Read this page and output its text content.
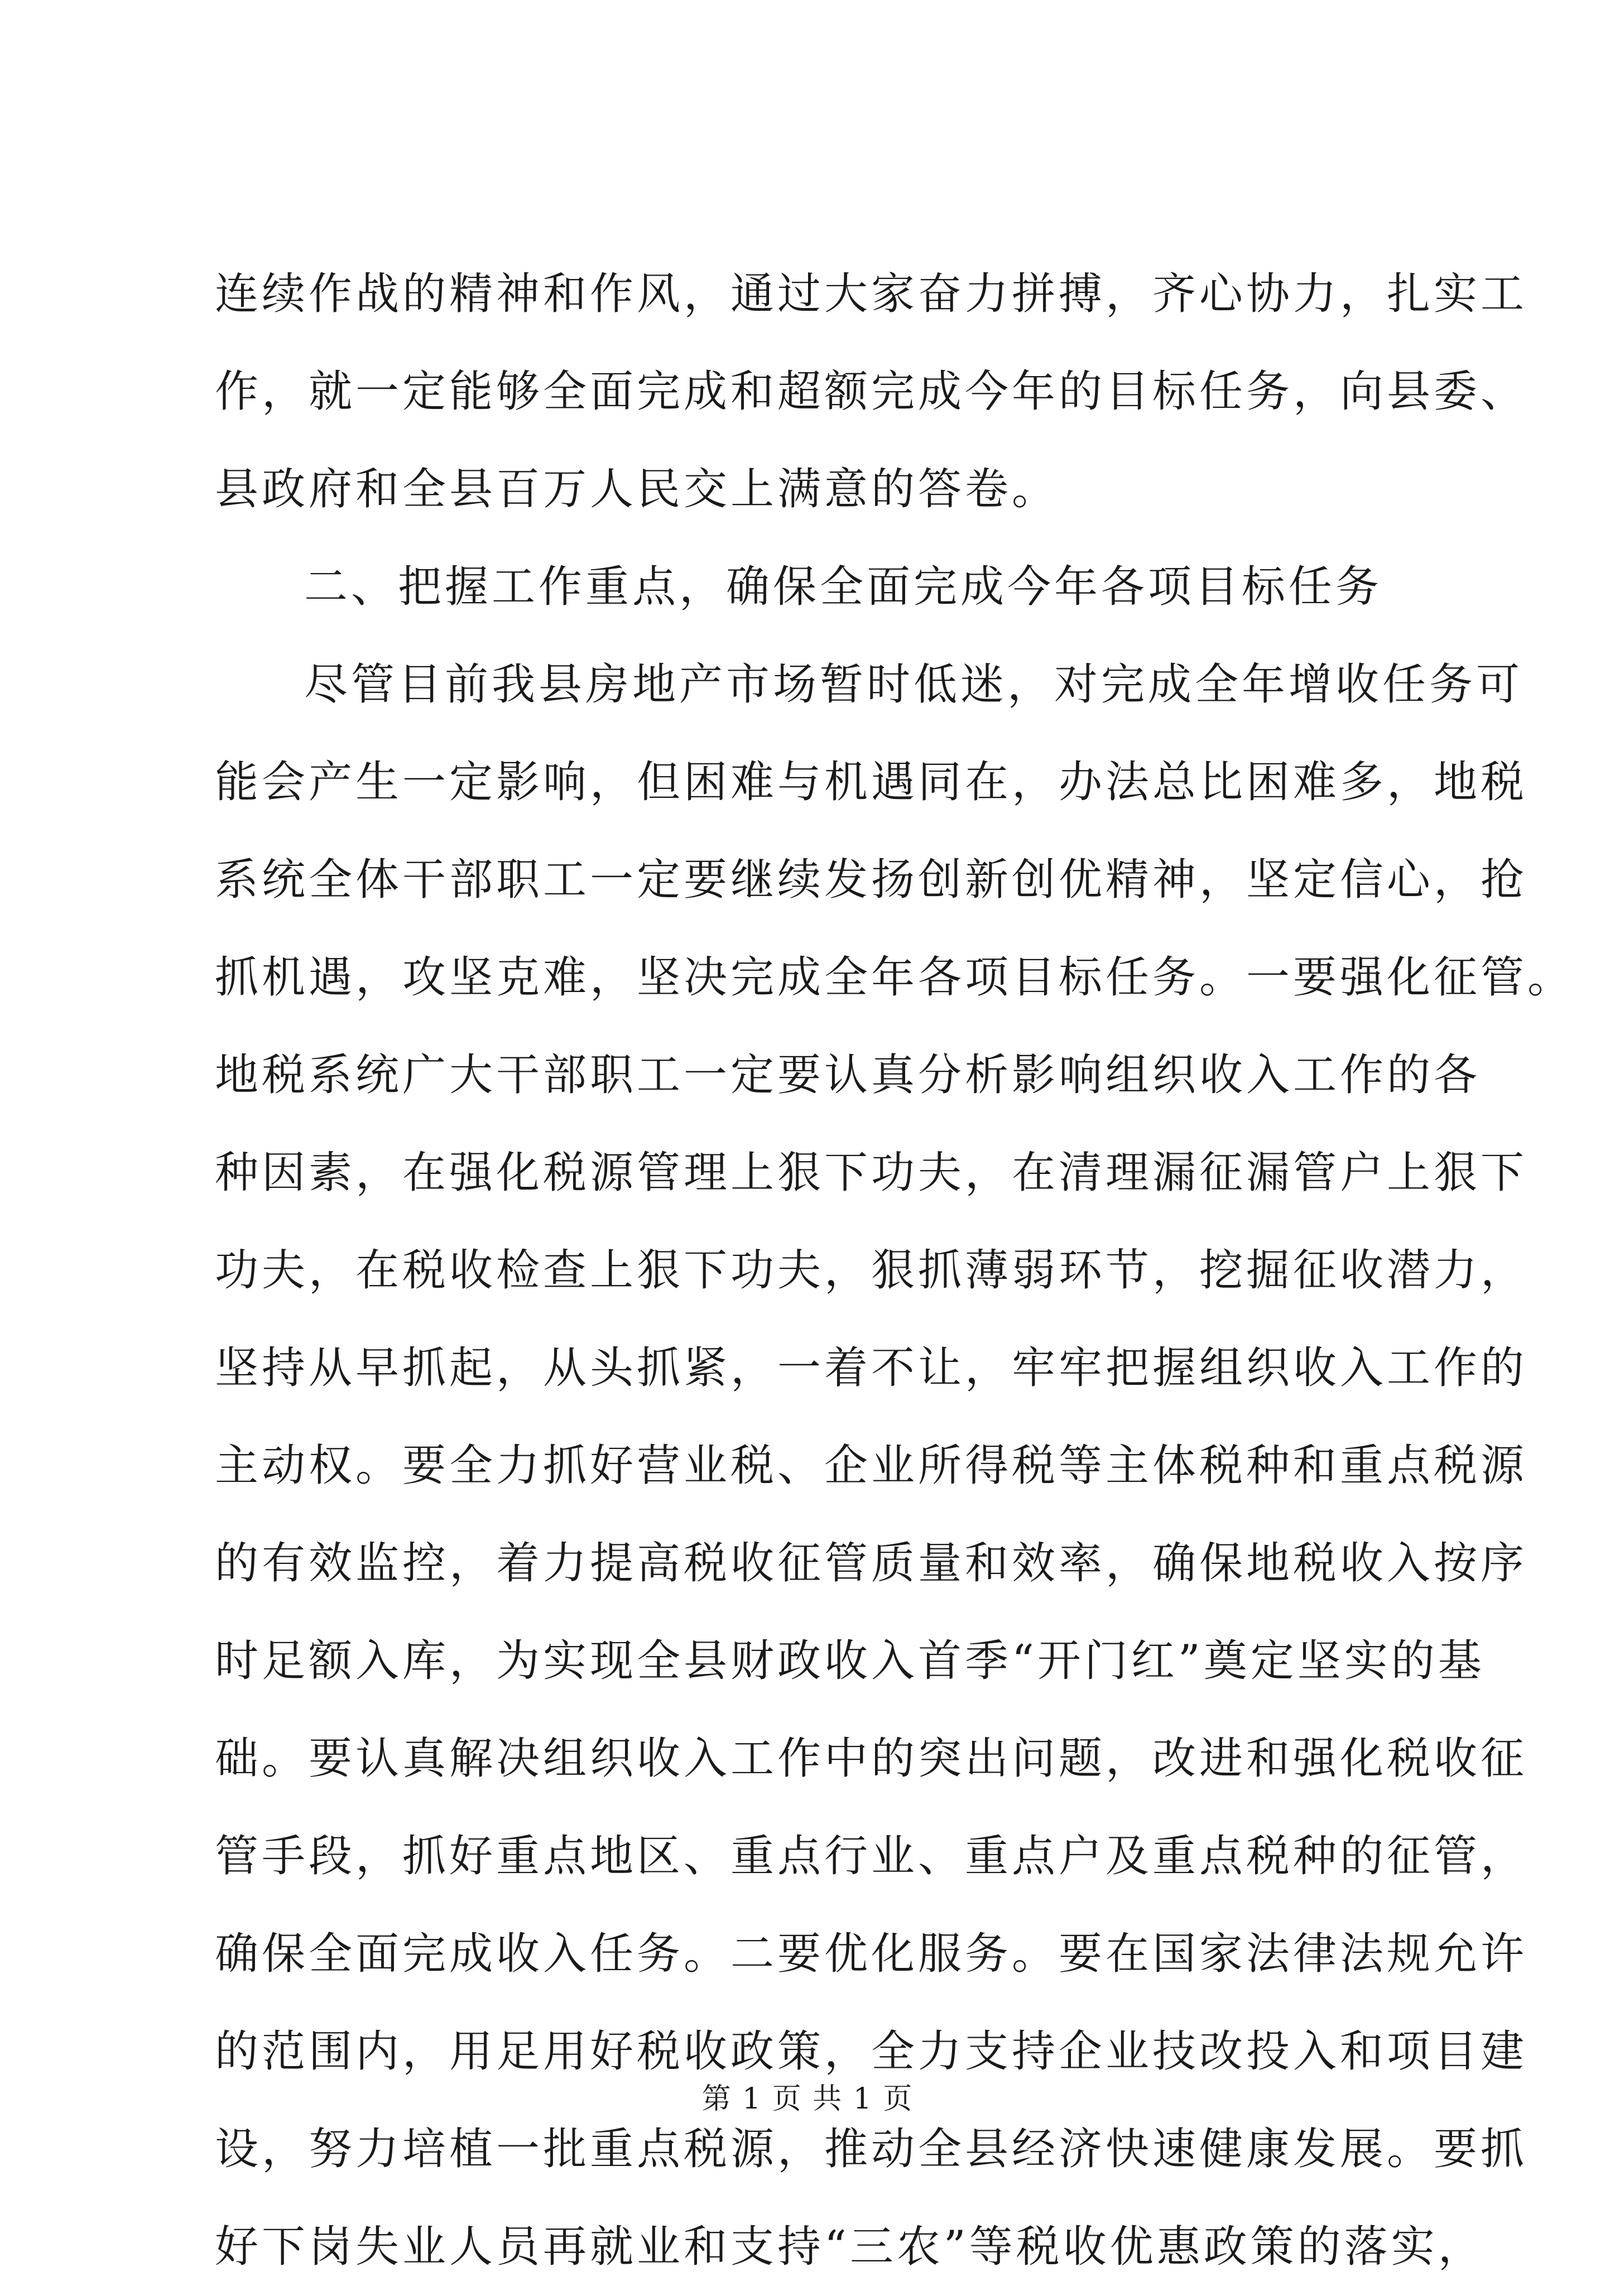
连续作战的精神和作风，通过大家奋力拼搏，齐心协力，扎实工
作，就一定能够全面完成和超额完成今年的目标任务，向县委、
县政府和全县百万人民交上满意的答卷。
二、把握工作重点，确保全面完成今年各项目标任务
尽管目前我县房地产市场暂时低迷，对完成全年增收任务可
能会产生一定影响，但困难与机遇同在，办法总比困难多，地税
系统全体干部职工一定要继续发扬创新创优精神，坚定信心，抢
抓机遇，攻坚克难，坚决完成全年各项目标任务。一要强化征管。
地税系统广大干部职工一定要认真分析影响组织收入工作的各
种因素，在强化税源管理上狠下功夫，在清理漏征漏管户上狠下
功夫，在税收检查上狠下功夫，狠抓薄弱环节，挖掘征收潜力，
坚持从早抓起，从头抓紧，一着不让，牢牢把握组织收入工作的
主动权。要全力抓好营业税、企业所得税等主体税种和重点税源
的有效监控，着力提高税收征管质量和效率，确保地税收入按序
时足额入库，为实现全县财政收入首季“开门红”奠定坚实的基
础。要认真解决组织收入工作中的突出问题，改进和强化税收征
管手段，抓好重点地区、重点行业、重点户及重点税种的征管，
确保全面完成收入任务。二要优化服务。要在国家法律法规允许
的范围内，用足用好税收政策，全力支持企业技改投入和项目建
设，努力培植一批重点税源，推动全县经济快速健康发展。要抓
好下岗失业人员再就业和支持“三农”等税收优惠政策的落实，
第 1 页 共 1 页
